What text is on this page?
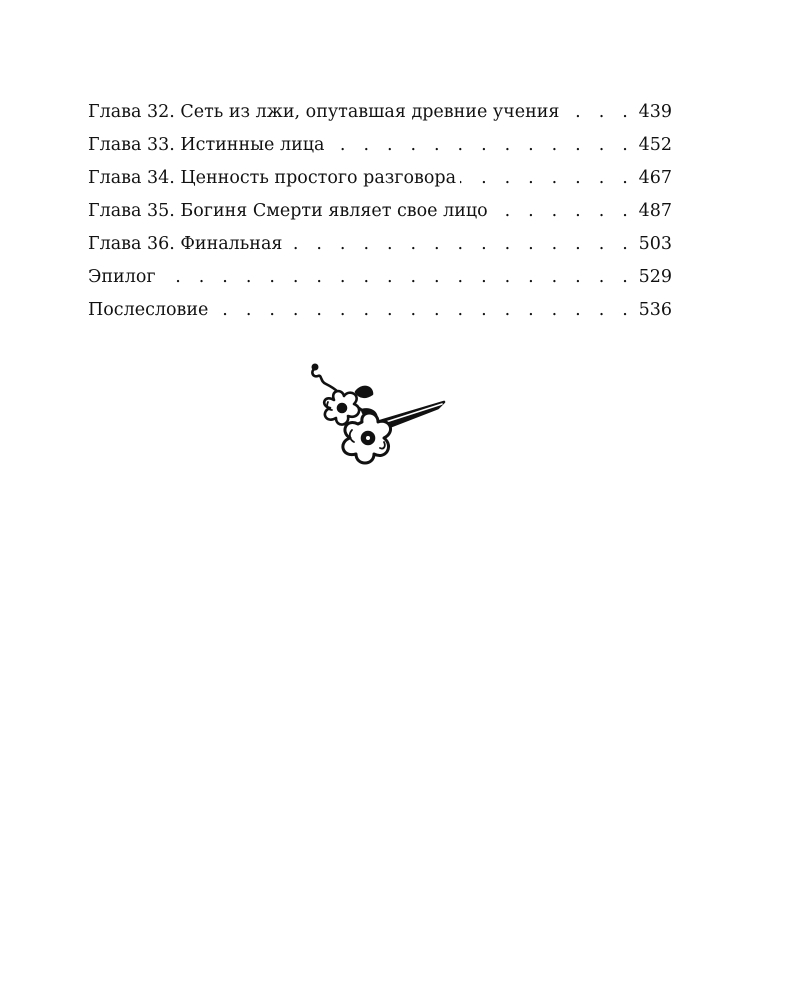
Глава 32. Сеть из лжи, опутавшая древние учения . . .	439
Глава 33. Истинные лица . . .	452
Глава 34. Ценность простого разговора . . .	467
Глава 35. Богиня Смерти являет свое лицо . . .	487
Глава 36. Финальная . . .	503
Эпилог . . .	529
Послесловие . . .	536
